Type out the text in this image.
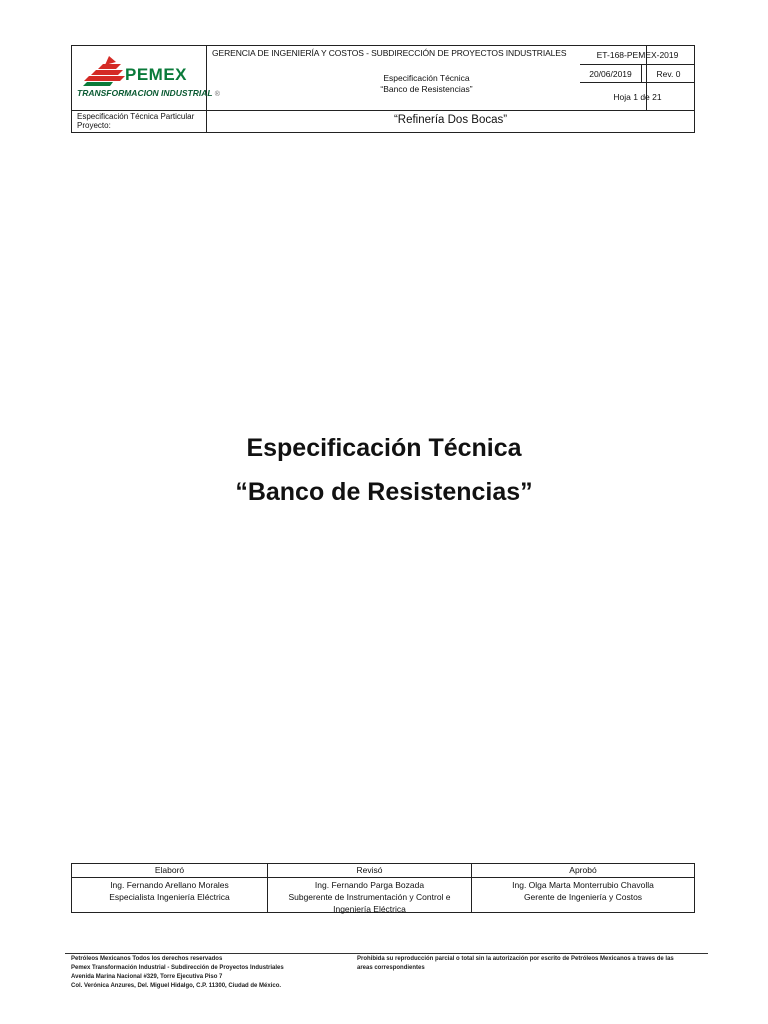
PEMEX
TRANSFORMACION INDUSTRIAL ®
GERENCIA DE INGENIERÍA Y COSTOS - SUBDIRECCIÓN DE PROYECTOS INDUSTRIALES
Especificación Técnica
“Banco de Resistencias”
ET-168-PEMEX-2019
20/06/2019	Rev. 0
Hoja 1 de 21
Especificación Técnica Particular
Proyecto:	“Refinería Dos Bocas”
Especificación Técnica
“Banco de Resistencias”
Elaboró
Ing. Fernando Arellano Morales
Especialista Ingeniería Eléctrica
Revisó
Ing. Fernando Parga Bozada
Subgerente de Instrumentación y Control e Ingeniería Eléctrica
Aprobó
Ing. Olga Marta Monterrubio Chavolla
Gerente de Ingeniería y Costos
Petróleos Mexicanos Todos los derechos reservados
Pemex Transformación Industrial - Subdirección de Proyectos Industriales
Avenida Marina Nacional #329, Torre Ejecutiva Piso 7
Col. Verónica Anzures, Del. Miguel Hidalgo, C.P. 11300, Ciudad de México.
Prohibida su reproducción parcial o total sin la autorización por escrito de Petróleos Mexicanos a traves de las areas correspondientes
